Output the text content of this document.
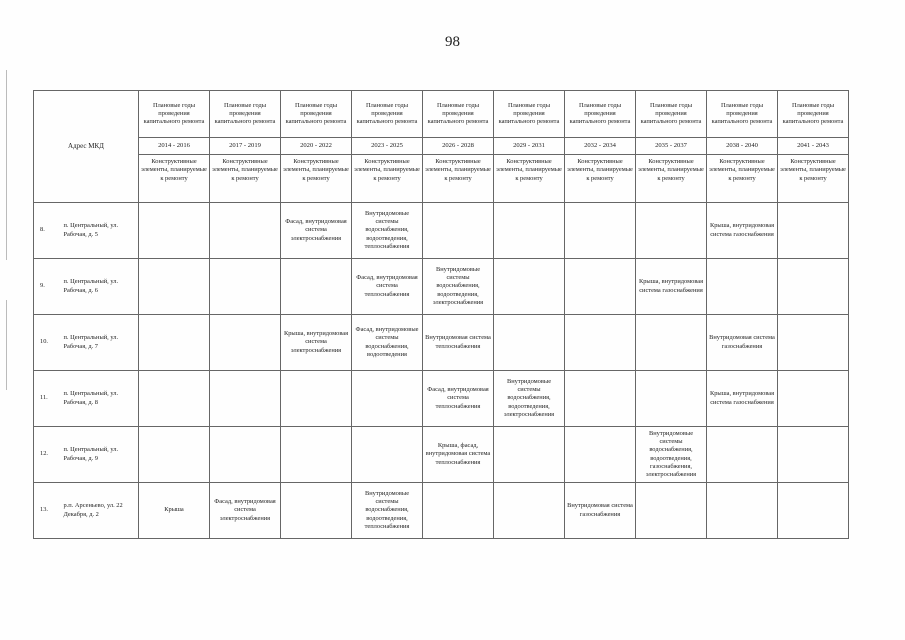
98
Адрес МКД		Плановые годы проведения капитального ремонта	Плановые годы проведения капитального ремонта	Плановые годы проведения капитального ремонта	Плановые годы проведения капитального ремонта	Плановые годы проведения капитального ремонта	Плановые годы проведения капитального ремонта	Плановые годы проведения капитального ремонта	Плановые годы проведения капитального ремонта	Плановые годы проведения капитального ремонта	Плановые годы проведения капитального ремонта
		2014 - 2016	2017 - 2019	2020 - 2022	2023 - 2025	2026 - 2028	2029 - 2031	2032 - 2034	2035 - 2037	2038 - 2040	2041 - 2043
		Конструктивные элементы, планируемые к ремонту	Конструктивные элементы, планируемые к ремонту	Конструктивные элементы, планируемые к ремонту	Конструктивные элементы, планируемые к ремонту	Конструктивные элементы, планируемые к ремонту	Конструктивные элементы, планируемые к ремонту	Конструктивные элементы, планируемые к ремонту	Конструктивные элементы, планируемые к ремонту	Конструктивные элементы, планируемые к ремонту	Конструктивные элементы, планируемые к ремонту
8.	п. Центральный, ул. Рабочая, д. 5			Фасад, внутридомовая система электроснабжения	Внутридомовые системы водоснабжения, водоотведения, теплоснабжения					Крыша, внутридомовая система газоснабжения	
9.	п. Центральный, ул. Рабочая, д. 6				Фасад, внутридомовая система теплоснабжения	Внутридомовые системы водоснабжения, водоотведения, электроснабжения			Крыша, внутридомовая система газоснабжения		
10.	п. Центральный, ул. Рабочая, д. 7			Крыша, внутридомовая система электроснабжения	Фасад, внутридомовые системы водоснабжения, водоотведения	Внутридомовая система теплоснабжения				Внутридомовая система газоснабжения	
11.	п. Центральный, ул. Рабочая, д. 8					Фасад, внутридомовая система теплоснабжения	Внутридомовые системы водоснабжения, водоотведения, электроснабжения			Крыша, внутридомовая система газоснабжения	
12.	п. Центральный, ул. Рабочая, д. 9					Крыша, фасад, внутридомовая система теплоснабжения			Внутридомовые системы водоснабжения, водоотведения, газоснабжения, электроснабжения		
13.	р.п. Арсеньево, ул. 22 Декабря, д. 2	Крыша	Фасад, внутридомовая система электроснабжения		Внутридомовые системы водоснабжения, водоотведения, теплоснабжения			Внутридомовая система газоснабжения			
